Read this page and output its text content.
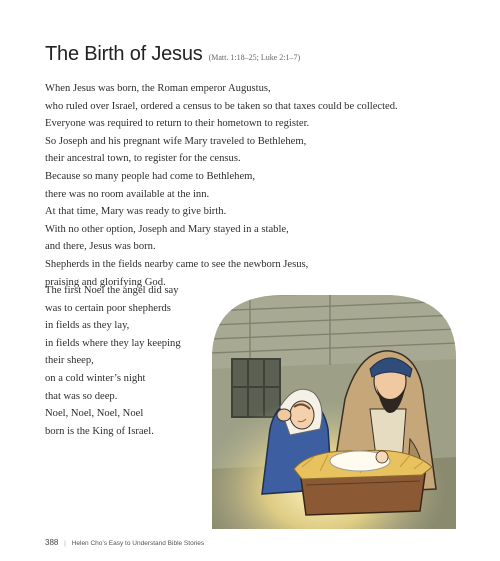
The Birth of Jesus (Matt. 1:18–25; Luke 2:1–7)
When Jesus was born, the Roman emperor Augustus,
who ruled over Israel, ordered a census to be taken so that taxes could be collected.
Everyone was required to return to their hometown to register.
So Joseph and his pregnant wife Mary traveled to Bethlehem,
their ancestral town, to register for the census.
Because so many people had come to Bethlehem,
there was no room available at the inn.
At that time, Mary was ready to give birth.
With no other option, Joseph and Mary stayed in a stable,
and there, Jesus was born.
Shepherds in the fields nearby came to see the newborn Jesus,
praising and glorifying God.
The first Noel the angel did say
was to certain poor shepherds
in fields as they lay,
in fields where they lay keeping
their sheep,
on a cold winter’s night
that was so deep.
Noel, Noel, Noel, Noel
born is the King of Israel.
388 | Helen Cho’s Easy to Understand Bible Stories
